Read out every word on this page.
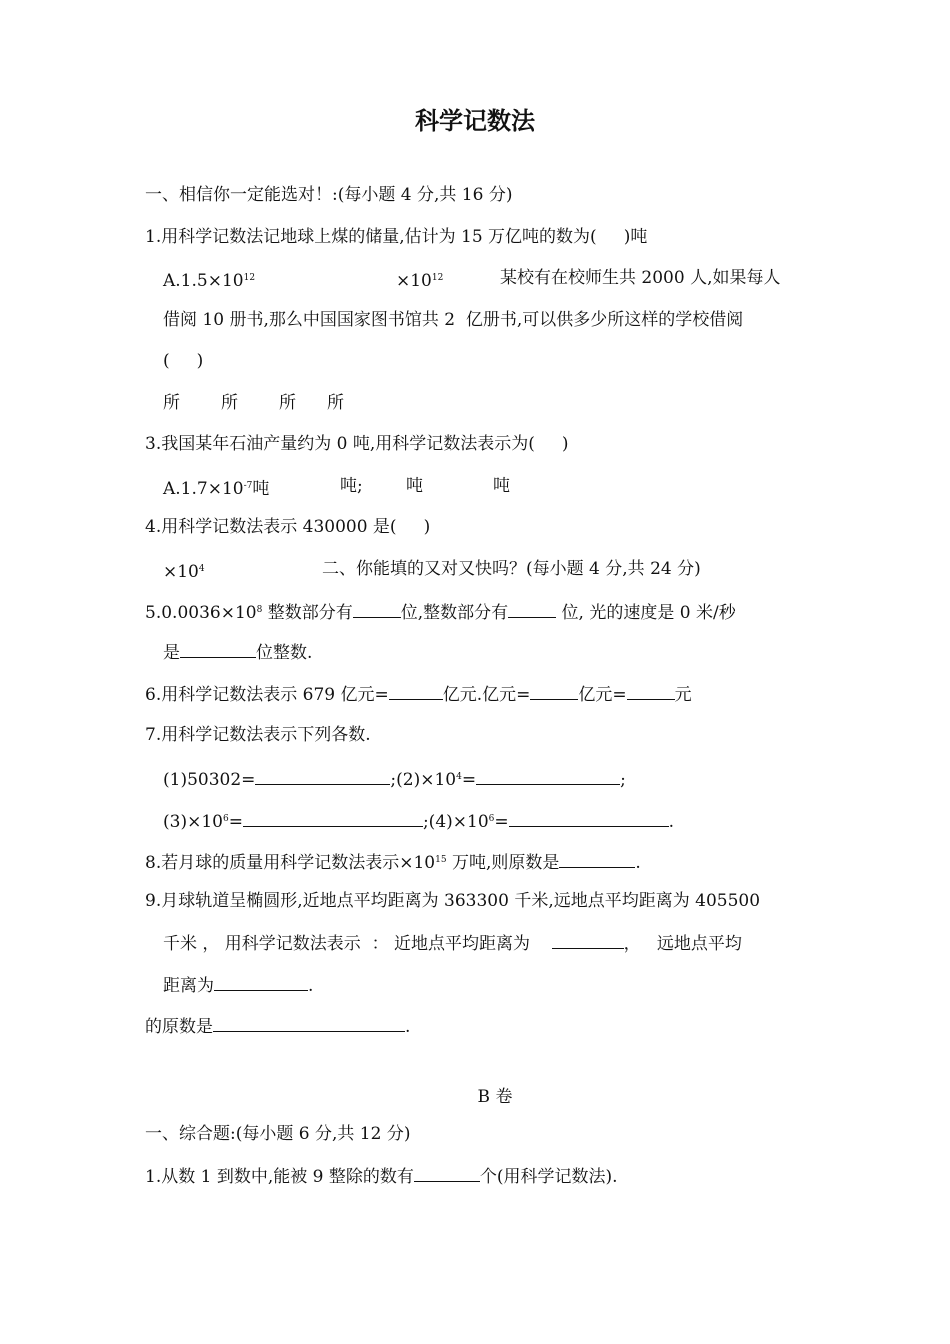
科学记数法
一、相信你一定能选对！:(每小题 4 分,共 16 分)
1.用科学记数法记地球上煤的储量,估计为 15 万亿吨的数为(     )吨
$A.1.5\times 10^{12}$	$\times 10^{12}$	某校有在校师生共 2000 人,如果每人
借阅 10 册书,那么中国国家图书馆共 2  亿册书,可以供多少所这样的学校借阅
(     )
所 所 所 所
3.我国某年石油产量约为 0 吨,用科学记数法表示为(     )
$A.1.7\times 10^{-7}$吨	吨;	吨	吨
4.用科学记数法表示 430000 是(     )
$\times 10^4$	二、你能填的又对又快吗？(每小题 4 分,共 24 分)
$5.0.0036\times 10^8$ 整数部分有	位,整数部分有	位, 光的速度是 0 米/秒
是	位整数.
6.用科学记数法表示 679 亿元=	亿元.亿元=	亿元=	元
7.用科学记数法表示下列各数.
(1)50302=	$;(2)\times 10^4=$	;
$(3)\times 10^6=$	$;(4)\times 10^6=$	.
8.若月球的质量用科学记数法表示$\times 10^{15}$ 万吨,则原数是	.
9.月球轨道呈椭圆形,近地点平均距离为 363300 千米,远地点平均距离为 405500
千米 ， 用科学记数法表示  ： 近地点平均距离为	，   远地点平均
距离为	.
的原数是	.
B 卷
一、综合题:(每小题 6 分,共 12 分)
1.从数 1 到数中,能被 9 整除的数有	个(用科学记数法).
